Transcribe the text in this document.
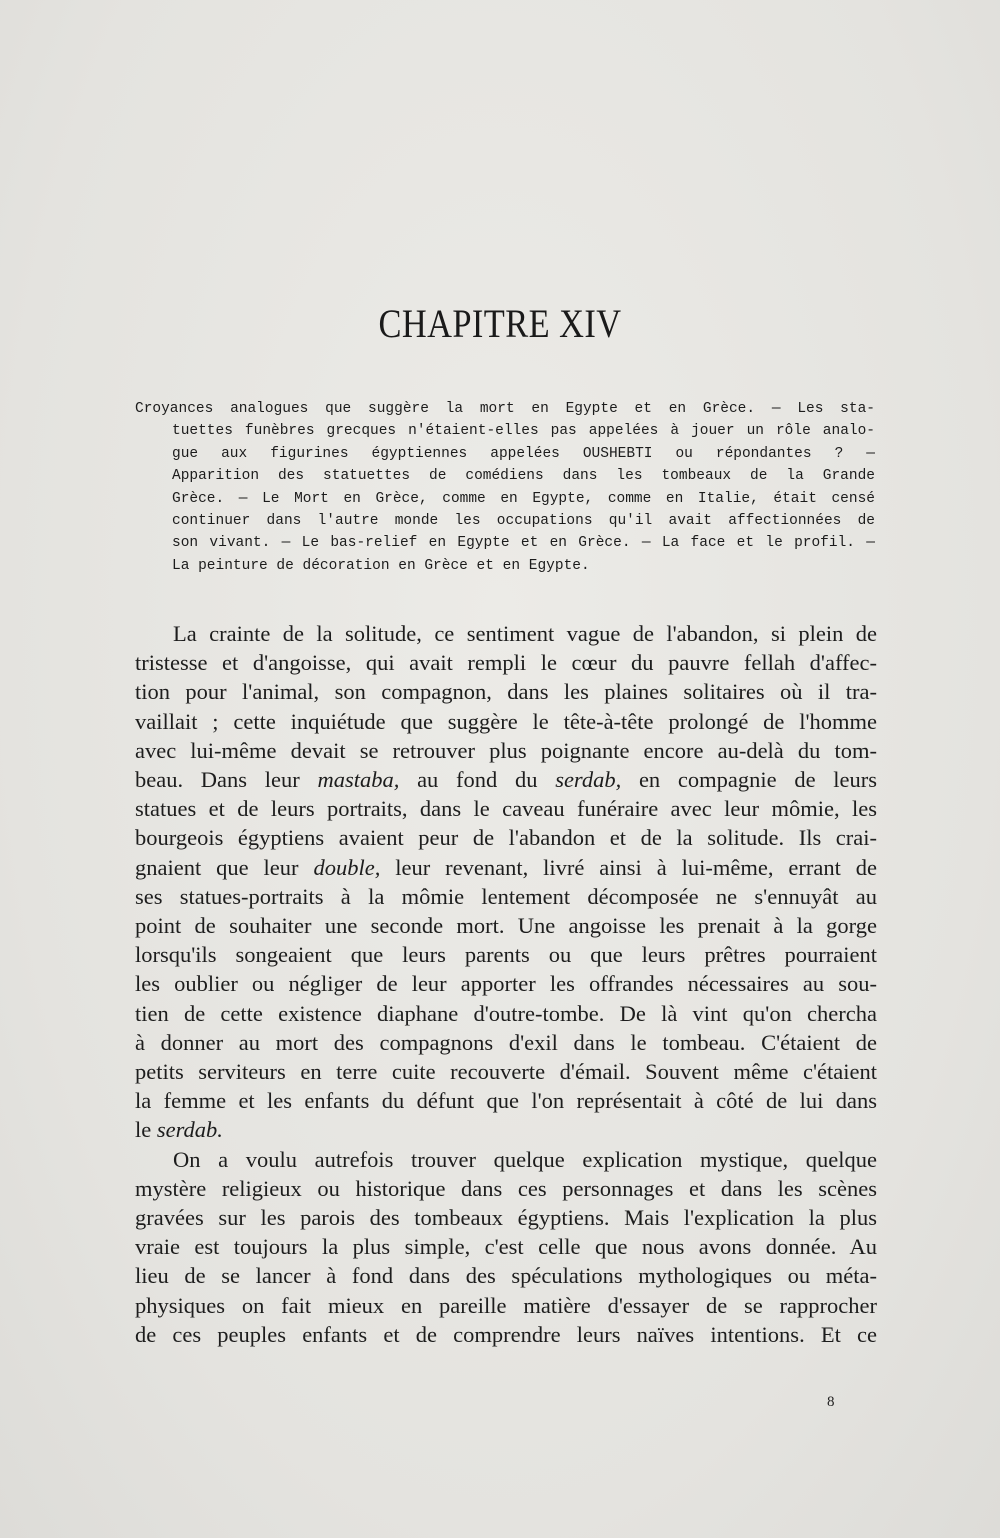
CHAPITRE XIV
Croyances analogues que suggère la mort en Egypte et en Grèce. — Les sta-
tuettes funèbres grecques n'étaient-elles pas appelées à jouer un rôle analo-
gue aux figurines égyptiennes appelées OUSHEBTI ou répondantes ? —
Apparition des statuettes de comédiens dans les tombeaux de la Grande
Grèce. — Le Mort en Grèce, comme en Egypte, comme en Italie, était censé
continuer dans l'autre monde les occupations qu'il avait affectionnées de
son vivant. — Le bas-relief en Egypte et en Grèce. — La face et le profil. —
La peinture de décoration en Grèce et en Egypte.
La crainte de la solitude, ce sentiment vague de l'abandon, si plein de
tristesse et d'angoisse, qui avait rempli le cœur du pauvre fellah d'affec-
tion pour l'animal, son compagnon, dans les plaines solitaires où il tra-
vaillait ; cette inquiétude que suggère le tête-à-tête prolongé de l'homme
avec lui-même devait se retrouver plus poignante encore au-delà du tom-
beau. Dans leur mastaba, au fond du serdab, en compagnie de leurs
statues et de leurs portraits, dans le caveau funéraire avec leur mômie, les
bourgeois égyptiens avaient peur de l'abandon et de la solitude. Ils crai-
gnaient que leur double, leur revenant, livré ainsi à lui-même, errant de
ses statues-portraits à la mômie lentement décomposée ne s'ennuyât au
point de souhaiter une seconde mort. Une angoisse les prenait à la gorge
lorsqu'ils songeaient que leurs parents ou que leurs prêtres pourraient
les oublier ou négliger de leur apporter les offrandes nécessaires au sou-
tien de cette existence diaphane d'outre-tombe. De là vint qu'on chercha
à donner au mort des compagnons d'exil dans le tombeau. C'étaient de
petits serviteurs en terre cuite recouverte d'émail. Souvent même c'étaient
la femme et les enfants du défunt que l'on représentait à côté de lui dans
le serdab.
On a voulu autrefois trouver quelque explication mystique, quelque
mystère religieux ou historique dans ces personnages et dans les scènes
gravées sur les parois des tombeaux égyptiens. Mais l'explication la plus
vraie est toujours la plus simple, c'est celle que nous avons donnée. Au
lieu de se lancer à fond dans des spéculations mythologiques ou méta-
physiques on fait mieux en pareille matière d'essayer de se rapprocher
de ces peuples enfants et de comprendre leurs naïves intentions. Et ce
8
